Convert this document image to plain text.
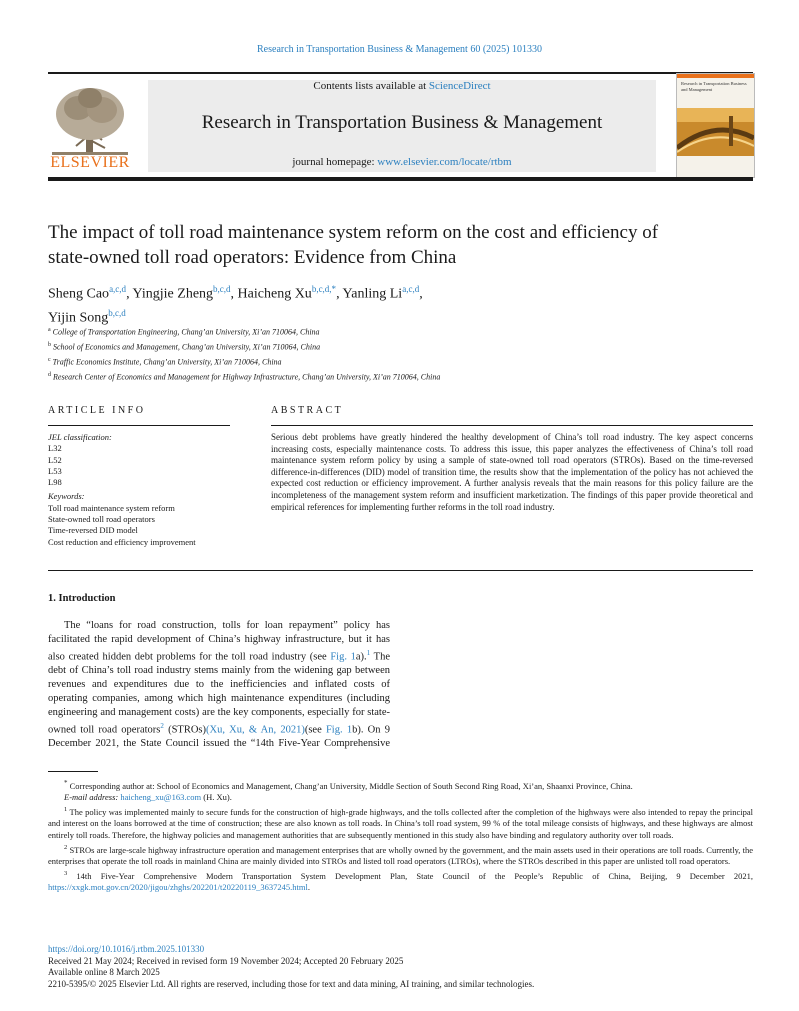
Research in Transportation Business & Management 60 (2025) 101330
ELSEVIER
Contents lists available at ScienceDirect
Research in Transportation Business & Management
journal homepage: www.elsevier.com/locate/rtbm
Research in Transportation Business and Management
The impact of toll road maintenance system reform on the cost and efficiency of state-owned toll road operators: Evidence from China
Sheng Cao$^{a,c,d}$, Yingjie Zheng$^{b,c,d}$, Haicheng $Xu^{b,c,d,*}$, Yanling Li$^{a,c,d}$,
Yijin Song$^{b,c,d}$
$^a$ College of Transportation Engineering, Chang’an University, Xi’an 710064, China
$^b$ School of Economics and Management, Chang’an University, Xi’an 710064, China
$^c$ Traffic Economics Institute, Chang’an University, Xi’an 710064, China
$^d$ Research Center of Economics and Management for Highway Infrastructure, Chang’an University, Xi’an 710064, China
ARTICLE INFO	ABSTRACT
JEL classification:
L32
L52
L53
L98
Keywords:
Toll road maintenance system reform
State-owned toll road operators
Time-reversed DID model
Cost reduction and efficiency improvement
Serious debt problems have greatly hindered the healthy development of China’s toll road industry. The key aspect concerns increasing costs, especially maintenance costs. To address this issue, this paper analyzes the effectiveness of China’s toll road maintenance system reform policy by using a sample of state-owned toll road operators (STROs). Based on the time-reversed difference-in-differences (DID) model of transition time, the results show that the implementation of the policy has not achieved the expected cost reduction or efficiency improvement. A further analysis reveals that the main reasons for this policy failure are the incompleteness of the management system reform and insufficient marketization. The findings of this paper provide theoretical and empirical references for implementing further reforms in the toll road industry.

1. Introduction

The “loans for road construction, tolls for loan repayment” policy has facilitated the rapid development of China’s highway infrastructure, but it has also created hidden debt problems for the toll road industry (see Fig. 1a).$^1$ The debt of China’s toll road industry stems mainly from the widening gap between revenues and expenditures due to the inefficiencies and inflated costs of operating companies, among which high maintenance expenditures (including engineering and management costs) are the key components, especially for state-owned toll road operators$^2$ (STROs)(Xu, Xu, & An, 2021)(see Fig. 1b). On 9 December 2021, the State Council issued the “14th Five-Year Comprehensive

* Corresponding author at: School of Economics and Management, Chang’an University, Middle Section of South Second Ring Road, Xi’an, Shaanxi Province, China.

E-mail address: haicheng_xu@163.com (H. Xu).

$^1$ The policy was implemented mainly to secure funds for the construction of high-grade highways, and the tolls collected after the completion of the highways were also intended to repay the principal and interest on the loans borrowed at the time of construction; these are also known as toll roads. In China’s toll road system, 99 % of the total mileage consists of highways, and these highways are almost entirely toll roads. Therefore, the highway policies and management authorities that are subsequently mentioned in this study also have binding and regulatory authority over toll roads.

$^2$ STROs are large-scale highway infrastructure operation and management enterprises that are wholly owned by the government, and the main assets used in their operations are toll roads. Currently, the enterprises that operate the toll roads in mainland China are mainly divided into STROs and listed toll road operators (LTROs), where the STROs described in this paper are unlisted toll road operators.

$^3$ 14th Five-Year Comprehensive Modern Transportation System Development Plan, State Council of the People’s Republic of China, Beijing, 9 December 2021, https://xxgk.mot.gov.cn/2020/jigou/zhghs/202201/t20220119_3637245.html.

https://doi.org/10.1016/j.rtbm.2025.101330
Received 21 May 2024; Received in revised form 19 November 2024; Accepted 20 February 2025
Available online 8 March 2025
2210-5395/© 2025 Elsevier Ltd. All rights are reserved, including those for text and data mining, AI training, and similar technologies.
